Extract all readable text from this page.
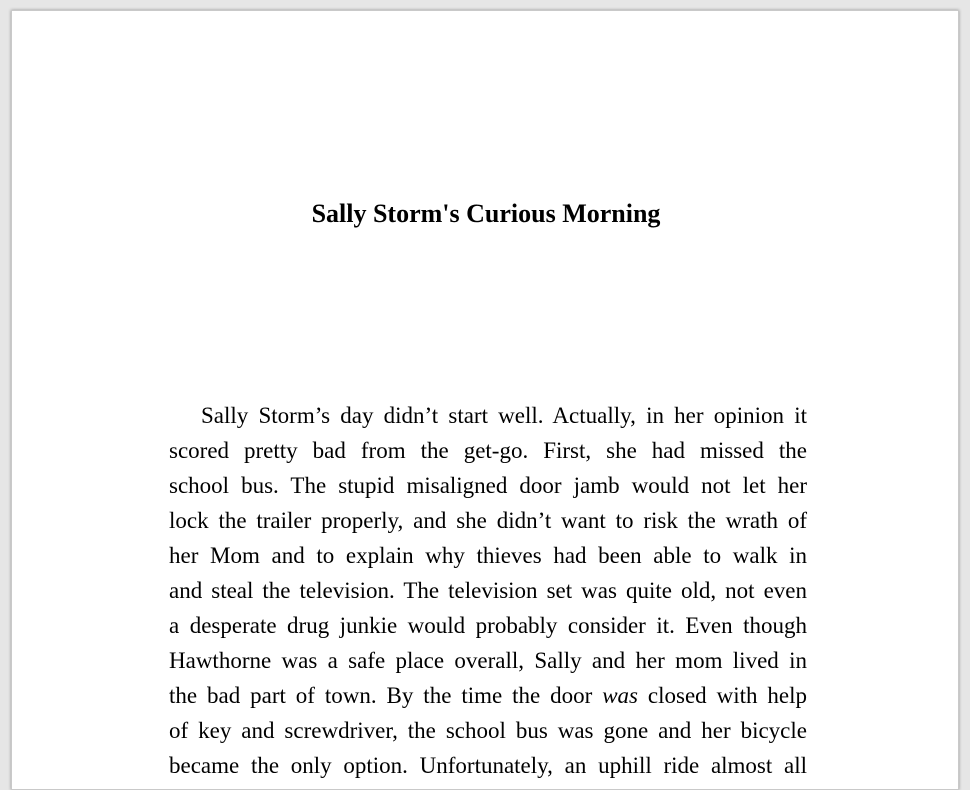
Sally Storm's Curious Morning
Sally Storm’s day didn’t start well. Actually, in her opinion it
scored pretty bad from the get-go. First, she had missed the
school bus. The stupid misaligned door jamb would not let her
lock the trailer properly, and she didn’t want to risk the wrath of
her Mom and to explain why thieves had been able to walk in
and steal the television. The television set was quite old, not even
a desperate drug junkie would probably consider it. Even though
Hawthorne was a safe place overall, Sally and her mom lived in
the bad part of town. By the time the door was closed with help
of key and screwdriver, the school bus was gone and her bicycle
became the only option. Unfortunately, an uphill ride almost all
